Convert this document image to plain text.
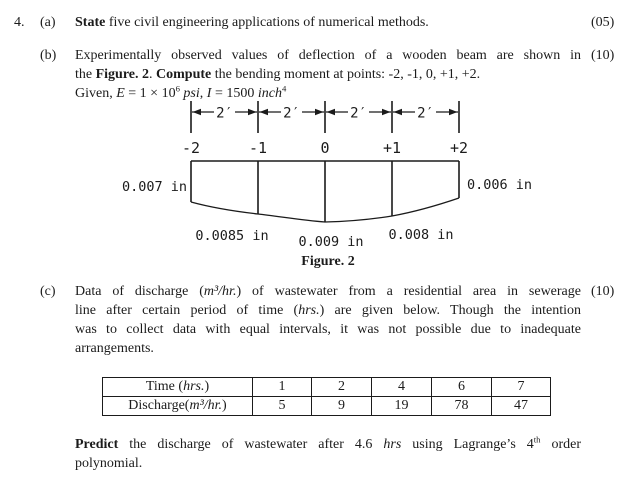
4. (a) State five civil engineering applications of numerical methods.	(05)
(b)	(10)
Experimentally observed values of deflection of a wooden beam are shown in
the Figure. 2. Compute the bending moment at points: -2, -1, 0, +1, +2.
Given, $E = 1 \times 10^6$ psi, I = 1500 inch$^4$
2′	2′	2′	2′
-2	-1	0	+1	+2
0.007 in	0.006 in
0.0085 in 0.009 in 0.008 in
Figure. 2
(c)	(10)
Data of discharge (m³/hr.) of wastewater from a residential area in sewerage
line after certain period of time (hrs.) are given below. Though the intention
was to collect data with equal intervals, it was not possible due to inadequate
arrangements.
Time (hrs.)	1	2	4	6	7
Discharge(m³/hr.)	5	9	19	78	47
Predict the discharge of wastewater after 4.6 hrs using Lagrange’s 4th order
polynomial.
